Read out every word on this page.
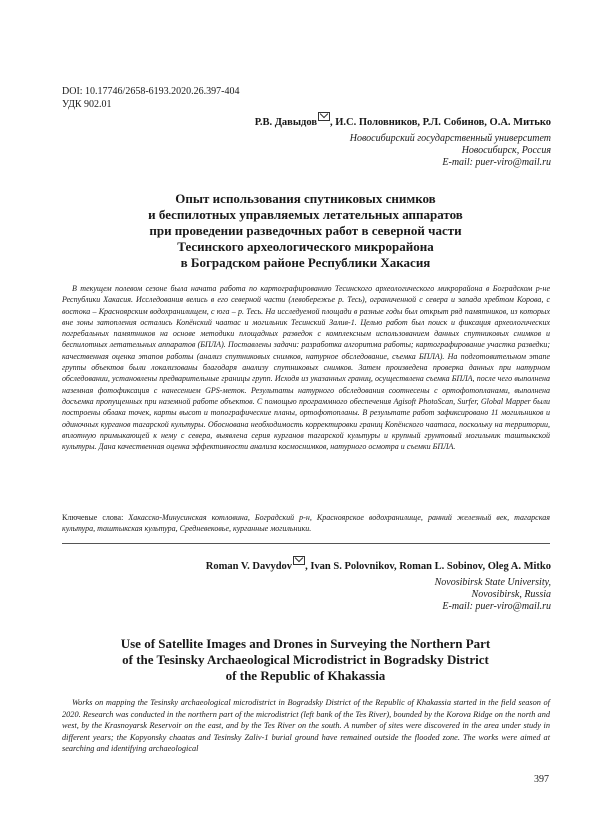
DOI: 10.17746/2658-6193.2020.26.397-404
УДК 902.01
Р.В. Давыдов , И.С. Половников, Р.Л. Собинов, О.А. Митько
Новосибирский государственный университет
Новосибирск, Россия
E-mail: puer-viro@mail.ru
Опыт использования спутниковых снимков
и беспилотных управляемых летательных аппаратов
при проведении разведочных работ в северной части
Тесинского археологического микрорайона
в Боградском районе Республики Хакасия
В текущем полевом сезоне была начата работа по картографированию Тесинского археологического микрорайона в Боградском р-не Республики Хакасия. Исследования велись в его северной части (левобережье р. Тесь), ограниченной с севера и запада хребтом Корова, с востока – Красноярским водохранилищем, с юга – р. Тесь. На исследуемой площади в разные годы был открыт ряд памятников, из которых вне зоны затопления остались Копёнский чаатас и могильник Тесинский Залив-1. Целью работ был поиск и фиксация археологических погребальных памятников на основе методики площадных разведок с комплексным использованием данных спутниковых снимков и беспилотных летательных аппаратов (БПЛА). Поставлены задачи: разработка алгоритма работы; картографирование участка разведки; качественная оценка этапов работы (анализ спутниковых снимков, натурное обследование, съемка БПЛА). На подготовительном этапе группы объектов были локализованы благодаря анализу спутниковых снимков. Затем произведена проверка данных при натурном обследовании, установлены предварительные границы групп. Исходя из указанных границ, осуществлена съемка БПЛА, после чего выполнена наземная фотофиксация с нанесением GPS-меток. Результаты натурного обследования соотнесены с ортофотопланами, выполнена досъемка пропущенных при наземной работе объектов. С помощью программного обеспечения Agisoft PhotoScan, Surfer, Global Mapper были построены облака точек, карты высот и топографические планы, ортофотопланы. В результате работ зафиксировано 11 могильников и одиночных курганов тагарской культуры. Обоснована необходимость корректировки границ Копёнского чаатаса, поскольку на территории, вплотную примыкающей к нему с севера, выявлена серия курганов тагарской культуры и крупный грунтовый могильник таштыкской культуры. Дана качественная оценка эффективности анализа космоснимков, натурного осмотра и съемки БПЛА.
Ключевые слова: Хакасско-Минусинская котловина, Боградский р-н, Красноярское водохранилище, ранний железный век, тагарская культура, таштыкская культура, Средневековье, курганные могильники.
Roman V. Davydov , Ivan S. Polovnikov, Roman L. Sobinov, Oleg A. Mitko
Novosibirsk State University,
Novosibirsk, Russia
E-mail: puer-viro@mail.ru
Use of Satellite Images and Drones in Surveying the Northern Part
of the Tesinsky Archaeological Microdistrict in Bogradsky District
of the Republic of Khakassia
Works on mapping the Tesinsky archaeological microdistrict in Bogradsky District of the Republic of Khakassia started in the field season of 2020. Research was conducted in the northern part of the microdistrict (left bank of the Tes River), bounded by the Korova Ridge on the north and west, by the Krasnoyarsk Reservoir on the east, and by the Tes River on the south. A number of sites were discovered in the area under study in different years; the Kopyonsky chaatas and Tesinsky Zaliv-1 burial ground have remained outside the flooded zone. The works were aimed at searching and identifying archaeological
397
